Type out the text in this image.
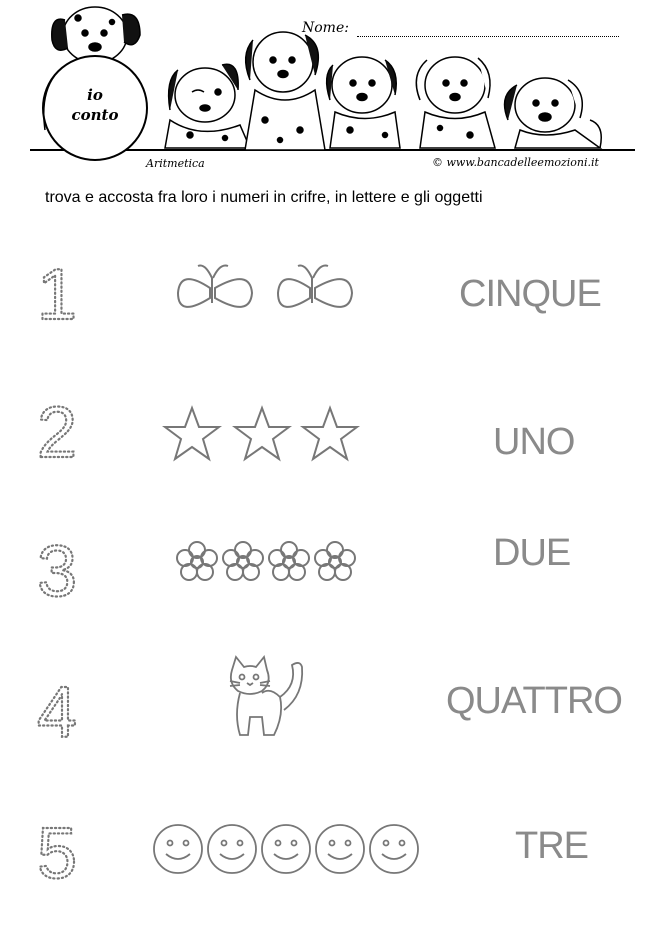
Nome:
io
conto
Aritmetica	© www.bancadelleemozioni.it
trova e accosta fra loro i numeri in crifre, in lettere e gli oggetti
1	CINQUE
2	UNO
3	DUE
4	QUATTRO
5	TRE
